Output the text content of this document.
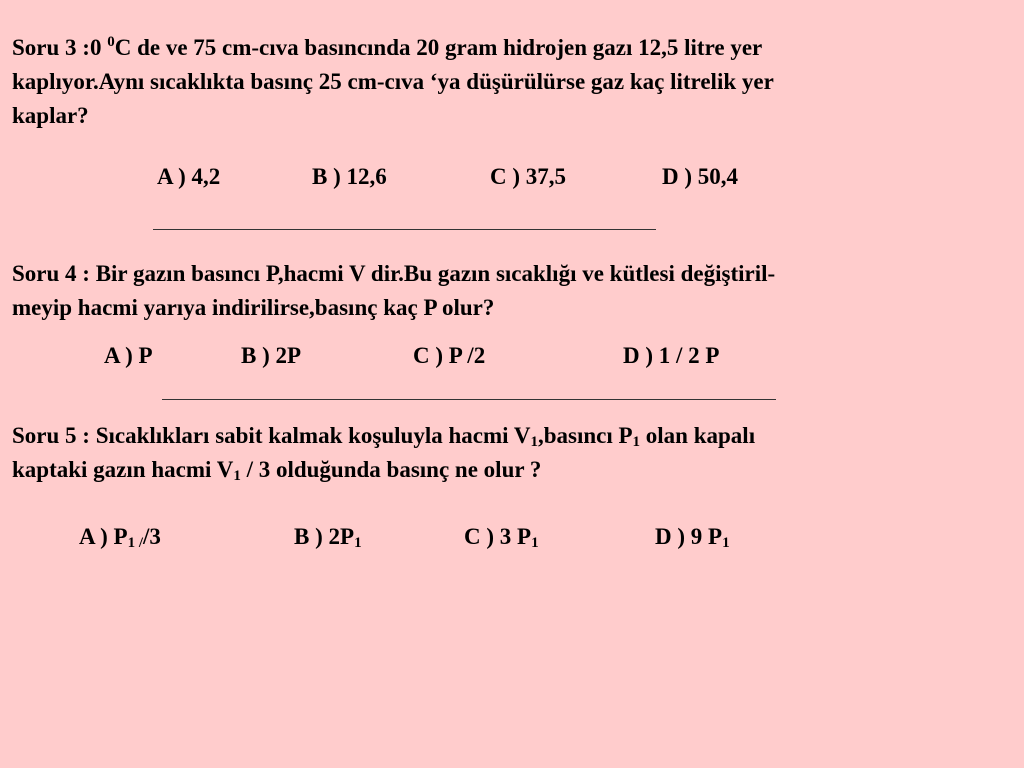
Soru 3 :0 $^0$C de ve 75 cm-cıva basıncında 20 gram hidrojen gazı 12,5 litre yer
kaplıyor.Aynı sıcaklıkta basınç 25 cm-cıva ‘ya düşürülürse gaz kaç litrelik yer
kaplar?
A ) 4,2	B ) 12,6	C ) 37,5	D ) 50,4
Soru 4 : Bir gazın basıncı P,hacmi V dir.Bu gazın sıcaklığı ve kütlesi değiştiril-
meyip hacmi yarıya indirilirse,basınç kaç P olur?
A ) P	B ) 2P	C ) P /2	D ) 1 / 2 P
Soru 5 : Sıcaklıkları sabit kalmak koşuluyla hacmi $V_1,basıncı$ $P_1$ olan kapalı
kaptaki gazın hacmi $V_1 / 3$ olduğunda basınç ne olur ?
A ) $P_{1 /}/3$	B ) $2P_1$	C ) 3 $P_1$	D ) 9 $P_1$
